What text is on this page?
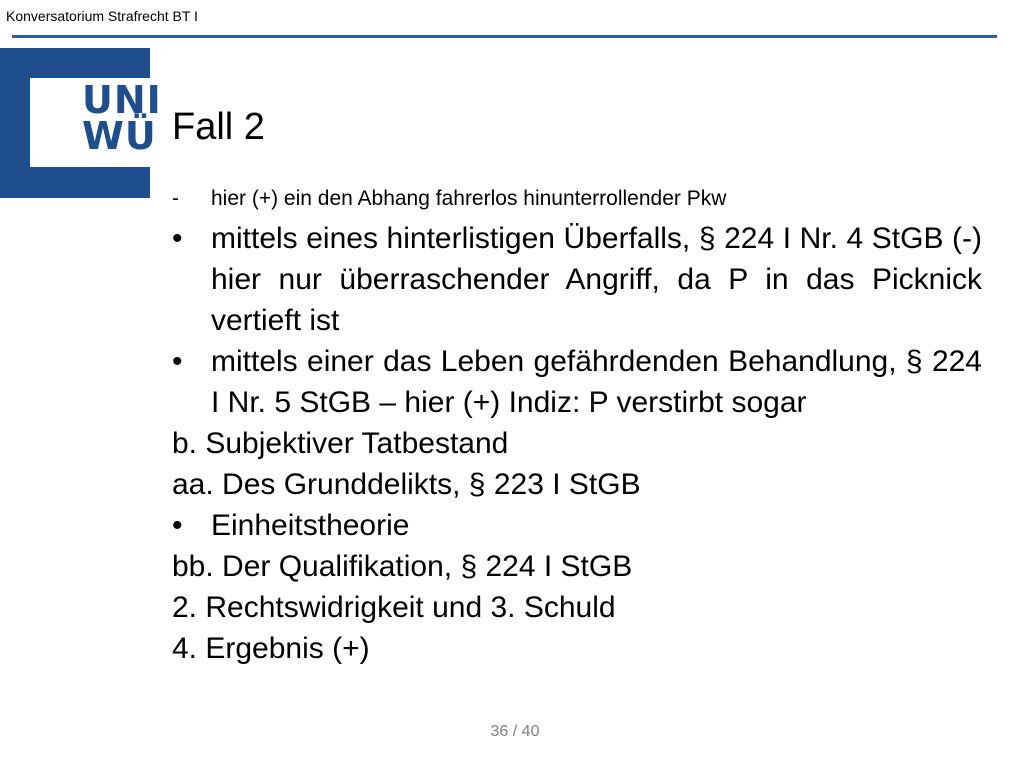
Konversatorium Strafrecht BT I
UNI
WÜ Fall 2
-	hier (+) ein den Abhang fahrerlos hinunterrollender Pkw
• mittels eines hinterlistigen Überfalls, § 224 I Nr. 4 StGB (-) hier nur überraschender Angriff, da P in das Picknick vertieft ist
• mittels einer das Leben gefährdenden Behandlung, § 224 I Nr. 5 StGB – hier (+) Indiz: P verstirbt sogar
b. Subjektiver Tatbestand
aa. Des Grunddelikts, § 223 I StGB
• Einheitstheorie
bb. Der Qualifikation, § 224 I StGB
2. Rechtswidrigkeit und 3. Schuld
4. Ergebnis (+)
36 / 40
